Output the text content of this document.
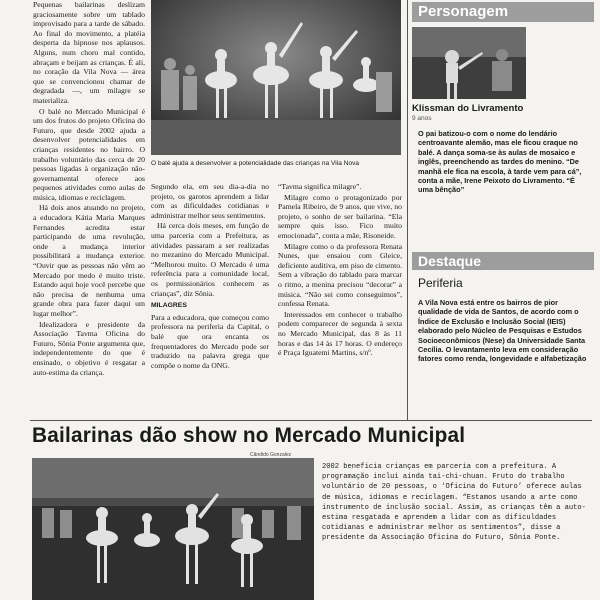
Pequenas bailarinas deslizam graciosamente sobre um tablado improvisado para a tarde de sábado. Ao final do movimento, a platéia desperta da hipnose nos aplausos. Alguns, num choro mal contido, abraçam e beijam as crianças. É ali, no coração da Vila Nova — área que se convencionou chamar de degradada —, um milagre se materializa.

O balé no Mercado Municipal é um dos frutos do projeto Oficina do Futuro, que desde 2002 ajuda a desenvolver potencialidades em crianças residentes no bairro. O trabalho voluntário das cerca de 20 pessoas ligadas à organização não-governamental oferece aos pequenos atividades como aulas de música, idiomas e reciclagem.

Há dois anos atuando no projeto, a educadora Kátia Maria Marques Fernandes acredita estar participando de uma revolução, onde a mudança interior possibilitará a mudança exterior. “Ouvir que as pessoas não vêm ao Mercado por medo é muito triste. Estando aqui hoje você percebe que não precisa de nenhuma uma grande obra para fazer daqui um lugar melhor”.

Idealizadora e presidente da Associação Tavma Oficina do Futuro, Sônia Ponte argumenta que, independentemente do que é ensinado, o objetivo é resgatar a auto-estima da criança.

O balé ajuda a desenvolver a potencialidade das crianças na Vila Nova

Segundo ela, em seu dia-a-dia no projeto, os garotos aprendem a lidar com as dificuldades cotidianas e administrar melhor seus sentimentos.

Há cerca dois meses, em função de uma parceria com a Prefeitura, as atividades passaram a ser realizadas no mezanino do Mercado Municipal. “Melhorou muito. O Mercado é uma referência para a comunidade local, os permissionários conhecem as crianças”, diz Sônia.

MILAGRES

Para a educadora, que começou como professora na periferia da Capital, o balé que ora encanta os frequentadores do Mercado pode ser traduzido na palavra grega que compõe o nome da ONG.

“Tavma significa milagre”.

Milagre como o protagonizado por Pamela Ribeiro, de 9 anos, que vive, no projeto, o sonho de ser bailarina. “Ela sempre quis isso. Fico muito emocionada”, conta a mãe, Risoneide.

Milagre como o da professora Renata Nunes, que ensaiou com Gleice, deficiente auditiva, em piso de cimento. Sem a vibração do tablado para marcar o ritmo, a menina precisou “decorar” a música. “Não sei como conseguimos”, confessa Renata.

Interessados em conhecer o trabalho podem comparecer de segunda à sexta no Mercado Municipal, das 8 às 11 horas e das 14 às 17 horas. O endereço é Praça Iguatemi Martins, s/nº.

Personagem
Klissman do Livramento
9 anos
O pai batizou-o com o nome do lendário centroavante alemão, mas ele ficou craque no balé. A dança soma-se às aulas de mosaico e inglês, preenchendo as tardes do menino. “De manhã ele fica na escola, à tarde vem para cá”, conta a mãe, Irene Peixoto do Livramento. “É uma bênção”
Destaque
Periferia
A Vila Nova está entre os bairros de pior qualidade de vida de Santos, de acordo com o Índice de Exclusão e Inclusão Social (IEIS) elaborado pelo Núcleo de Pesquisas e Estudos Socioeconômicos (Nese) da Universidade Santa Cecília. O levantamento leva em consideração fatores como renda, longevidade e alfabetização
Bailarinas dão show no Mercado Municipal
Cândido Gonzalez
2002 beneficia crianças em parceria com a prefeitura. A programação inclui ainda tai-chi-chuan. Fruto do trabalho voluntário de 20 pessoas, o ‘Oficina do Futuro’ oferece aulas de música, idiomas e reciclagem. “Estamos usando a arte como instrumento de inclusão social. Assim, as crianças têm a auto-estima resgatada e aprendem a lidar com as dificuldades cotidianas e administrar melhor os sentimentos”, disse a presidente da Associação Oficina do Futuro, Sônia Ponte.
